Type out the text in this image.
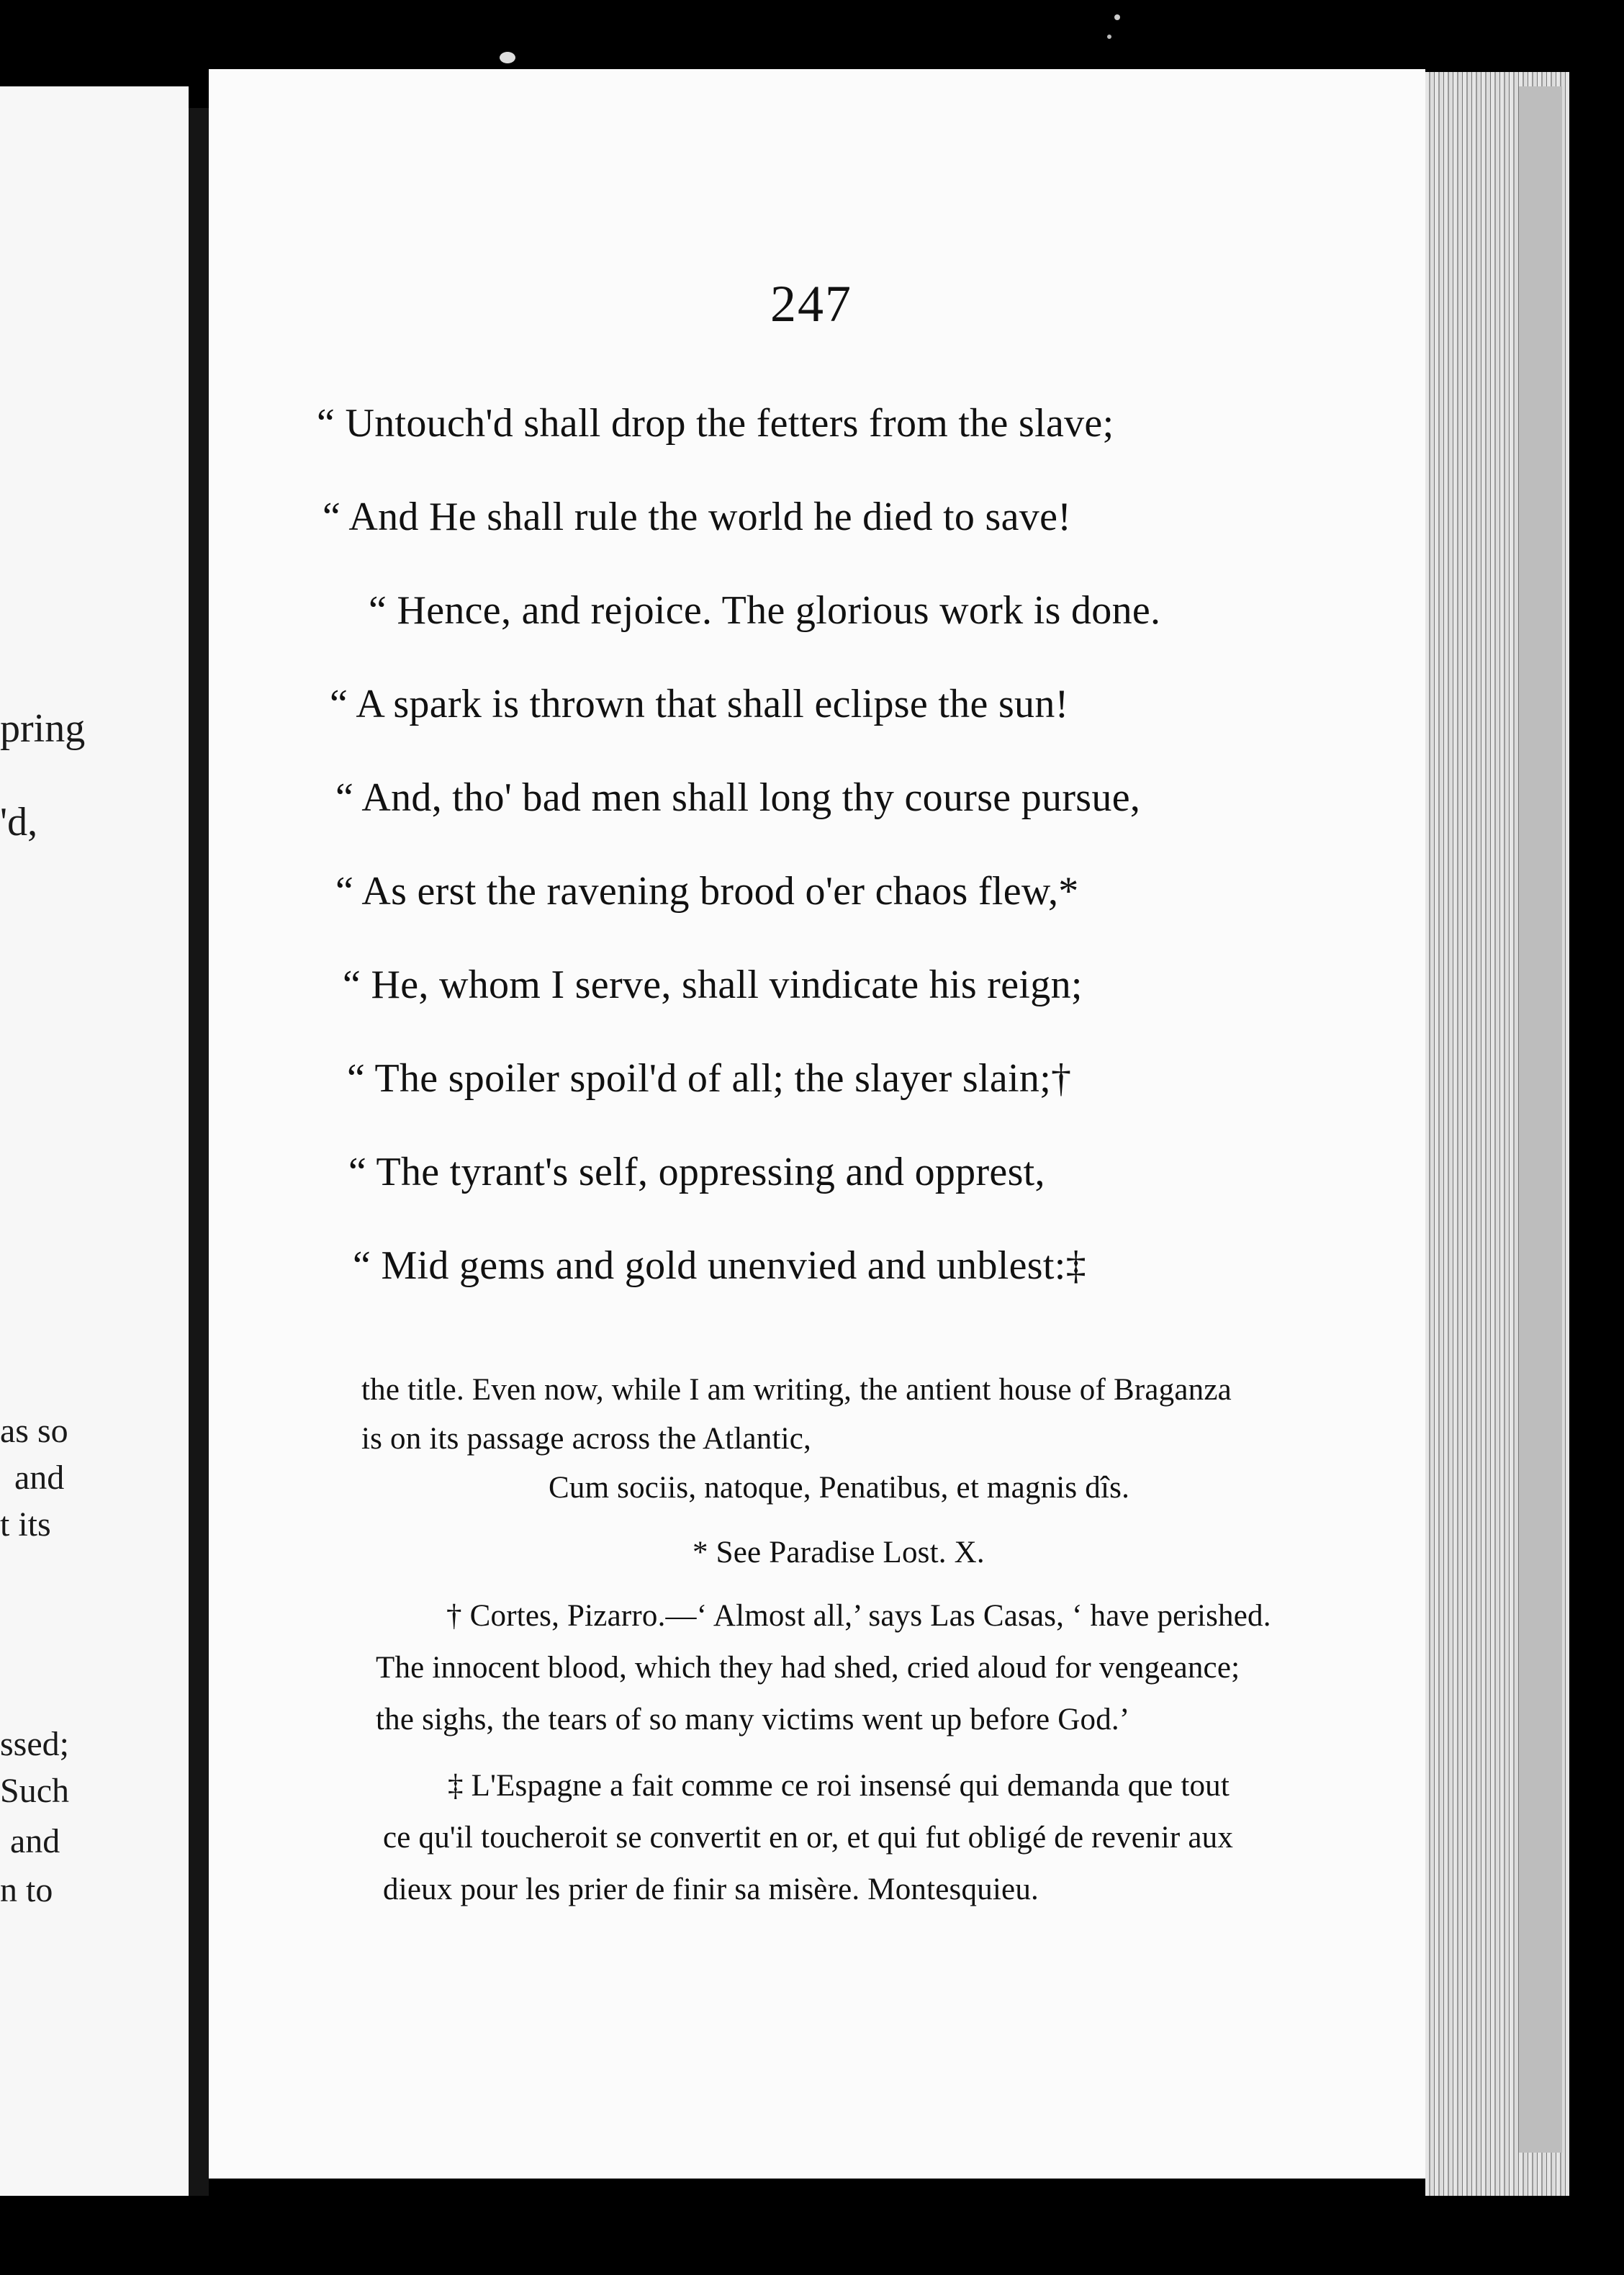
pring
'd,
as so
and
t its
ssed;
Such
and
n to
247
“ Untouch'd shall drop the fetters from the slave;
“ And He shall rule the world he died to save!
“ Hence, and rejoice. The glorious work is done.
“ A spark is thrown that shall eclipse the sun!
“ And, tho' bad men shall long thy course pursue,
“ As erst the ravening brood o'er chaos flew,*
“ He, whom I serve, shall vindicate his reign;
“ The spoiler spoil'd of all; the slayer slain;†
“ The tyrant's self, oppressing and opprest,
“ Mid gems and gold unenvied and unblest:‡
the title. Even now, while I am writing, the antient house of Braganza
is on its passage across the Atlantic,
Cum sociis, natoque, Penatibus, et magnis dîs.
* See Paradise Lost. X.
† Cortes, Pizarro.—‘ Almost all,’ says Las Casas, ‘ have perished.
The innocent blood, which they had shed, cried aloud for vengeance;
the sighs, the tears of so many victims went up before God.’
‡ L'Espagne a fait comme ce roi insensé qui demanda que tout
ce qu'il toucheroit se convertit en or, et qui fut obligé de revenir aux
dieux pour les prier de finir sa misère. Montesquieu.
